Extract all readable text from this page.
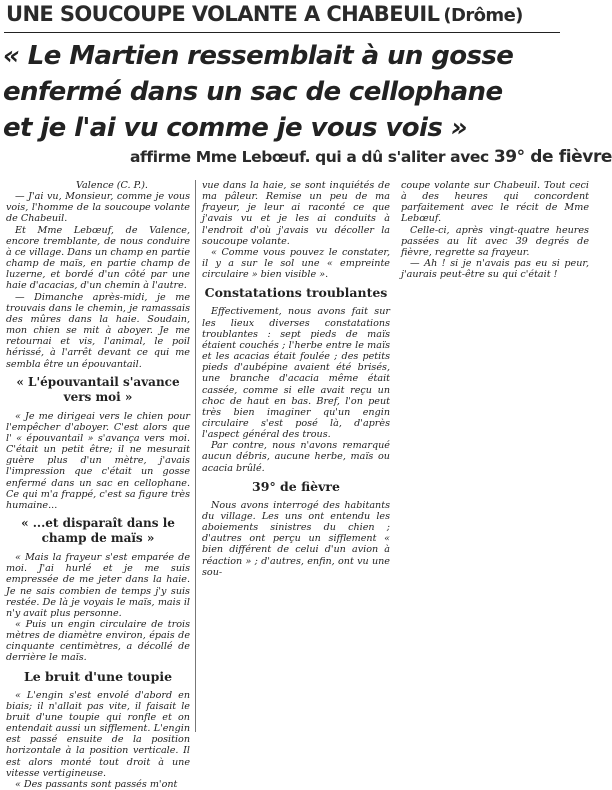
UNE SOUCOUPE VOLANTE A CHABEUIL (Drôme)
« Le Martien ressemblait à un gosse
enfermé dans un sac de cellophane
et je l'ai vu comme je vous vois »
affirme Mme Lebœuf. qui a dû s'aliter avec 39° de fièvre

Valence (C. P.).

— J'ai vu, Monsieur, comme je vous vois, l'homme de la soucoupe volante de Chabeuil.

Et Mme Lebœuf, de Valence, encore tremblante, de nous conduire à ce village. Dans un champ en partie champ de maïs, en partie champ de luzerne, et bordé d'un côté par une haie d'acacias, d'un chemin à l'autre.

— Dimanche après-midi, je me trouvais dans le chemin, je ramassais des mûres dans la haie. Soudain, mon chien se mit à aboyer. Je me retournai et vis, l'animal, le poil hérissé, à l'arrêt devant ce qui me sembla être un épouvantail.

« L'épouvantail s'avance vers moi »

« Je me dirigeai vers le chien pour l'empêcher d'aboyer. C'est alors que l' « épouvantail » s'avança vers moi. C'était un petit être; il ne mesurait guère plus d'un mètre, j'avais l'impression que c'était un gosse enfermé dans un sac en cellophane. Ce qui m'a frappé, c'est sa figure très humaine...

« ...et disparaît dans le champ de maïs »

« Mais la frayeur s'est emparée de moi. J'ai hurlé et je me suis empressée de me jeter dans la haie. Je ne sais combien de temps j'y suis restée. De là je voyais le maïs, mais il n'y avait plus personne.

« Puis un engin circulaire de trois mètres de diamètre environ, épais de cinquante centimètres, a décollé de derrière le maïs.

Le bruit d'une toupie

« L'engin s'est envolé d'abord en biais; il n'allait pas vite, il faisait le bruit d'une toupie qui ronfle et on entendait aussi un sifflement. L'engin est passé ensuite de la position horizontale à la position verticale. Il est alors monté tout droit à une vitesse vertigineuse.

« Des passants sont passés m'ont

vue dans la haie, se sont inquiétés de ma pâleur. Remise un peu de ma frayeur, je leur ai raconté ce que j'avais vu et je les ai conduits à l'endroit d'où j'avais vu décoller la soucoupe volante.

« Comme vous pouvez le constater, il y a sur le sol une « empreinte circulaire » bien visible ».

Constatations troublantes

Effectivement, nous avons fait sur les lieux diverses constatations troublantes : sept pieds de maïs étaient couchés ; l'herbe entre le maïs et les acacias était foulée ; des petits pieds d'aubépine avaient été brisés, une branche d'acacia même était cassée, comme si elle avait reçu un choc de haut en bas. Bref, l'on peut très bien imaginer qu'un engin circulaire s'est posé là, d'après l'aspect général des trous.

Par contre, nous n'avons remarqué aucun débris, aucune herbe, maïs ou acacia brûlé.

39° de fièvre

Nous avons interrogé des habitants du village. Les uns ont entendu les aboiements sinistres du chien ; d'autres ont perçu un sifflement « bien différent de celui d'un avion à réaction » ; d'autres, enfin, ont vu une sou-

coupe volante sur Chabeuil. Tout ceci à des heures qui concordent parfaitement avec le récit de Mme Lebœuf.

Celle-ci, après vingt-quatre heures passées au lit avec 39 degrés de fièvre, regrette sa frayeur.

— Ah ! si je n'avais pas eu si peur, j'aurais peut-être su qui c'était !
